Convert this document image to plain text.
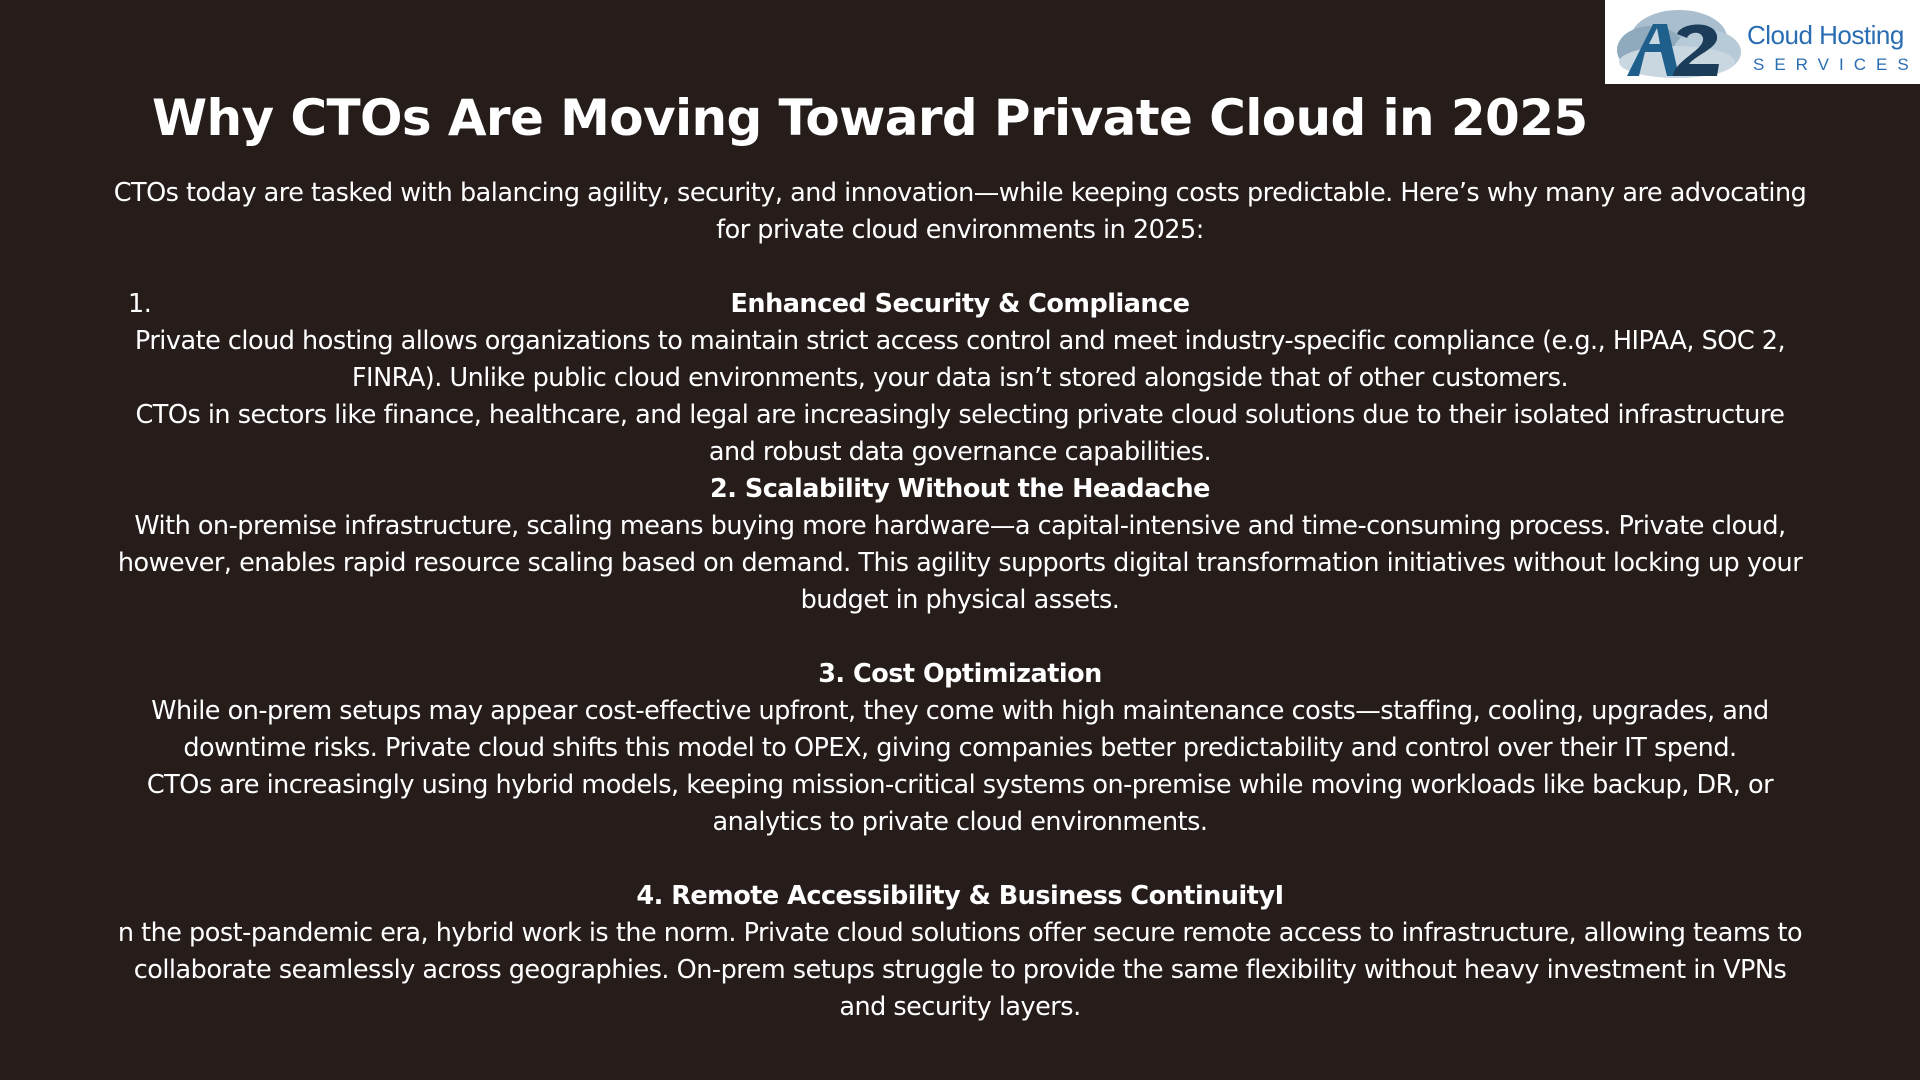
Cloud Hosting
SERVICES
Why CTOs Are Moving Toward Private Cloud in 2025

CTOs today are tasked with balancing agility, security, and innovation—while keeping costs predictable. Here’s why many are advocating for private cloud environments in 2025:

1.	Enhanced Security & Compliance

Private cloud hosting allows organizations to maintain strict access control and meet industry-specific compliance (e.g., HIPAA, SOC 2, FINRA). Unlike public cloud environments, your data isn’t stored alongside that of other customers.

CTOs in sectors like finance, healthcare, and legal are increasingly selecting private cloud solutions due to their isolated infrastructure and robust data governance capabilities.

2. Scalability Without the Headache

With on-premise infrastructure, scaling means buying more hardware—a capital-intensive and time-consuming process. Private cloud, however, enables rapid resource scaling based on demand. This agility supports digital transformation initiatives without locking up your budget in physical assets.

3. Cost Optimization

While on-prem setups may appear cost-effective upfront, they come with high maintenance costs—staffing, cooling, upgrades, and downtime risks. Private cloud shifts this model to OPEX, giving companies better predictability and control over their IT spend.

CTOs are increasingly using hybrid models, keeping mission-critical systems on-premise while moving workloads like backup, DR, or analytics to private cloud environments.

4. Remote Accessibility & Business ContinuityI

n the post-pandemic era, hybrid work is the norm. Private cloud solutions offer secure remote access to infrastructure, allowing teams to collaborate seamlessly across geographies. On-prem setups struggle to provide the same flexibility without heavy investment in VPNs and security layers.
